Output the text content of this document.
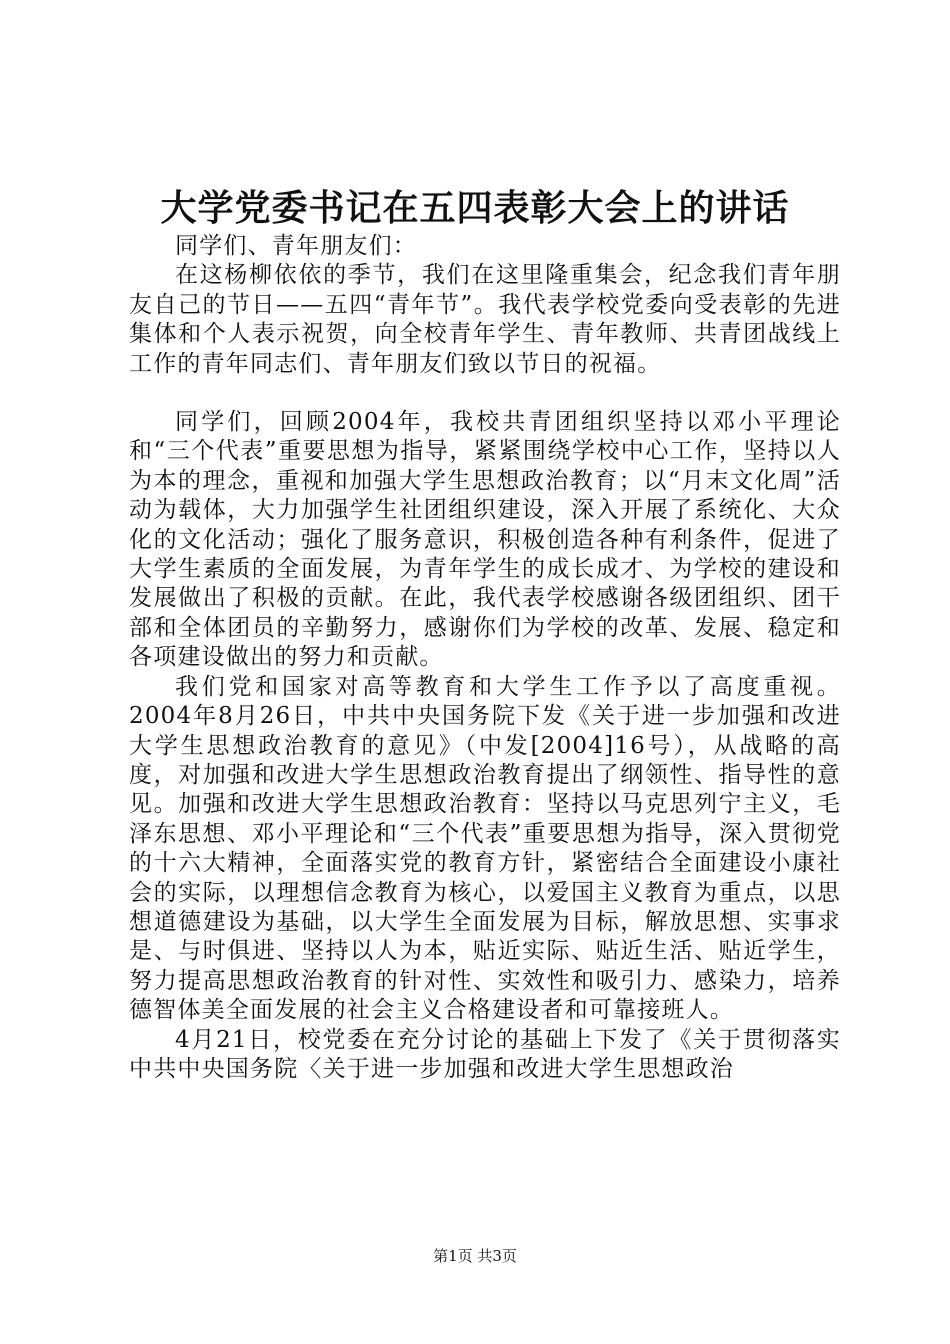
大学党委书记在五四表彰大会上的讲话

同学们、青年朋友们：

在这杨柳依依的季节，我们在这里隆重集会，纪念我们青年朋友自己的节日——五四“青年节”。我代表学校党委向受表彰的先进集体和个人表示祝贺，向全校青年学生、青年教师、共青团战线上工作的青年同志们、青年朋友们致以节日的祝福。

同学们，回顾2004年，我校共青团组织坚持以邓小平理论和“三个代表”重要思想为指导，紧紧围绕学校中心工作，坚持以人为本的理念，重视和加强大学生思想政治教育；以“月末文化周”活动为载体，大力加强学生社团组织建设，深入开展了系统化、大众化的文化活动；强化了服务意识，积极创造各种有利条件，促进了大学生素质的全面发展，为青年学生的成长成才、为学校的建设和发展做出了积极的贡献。在此，我代表学校感谢各级团组织、团干部和全体团员的辛勤努力，感谢你们为学校的改革、发展、稳定和各项建设做出的努力和贡献。

我们党和国家对高等教育和大学生工作予以了高度重视。2004年8月26日，中共中央国务院下发《关于进一步加强和改进大学生思想政治教育的意见》（中发[2004]16号），从战略的高度，对加强和改进大学生思想政治教育提出了纲领性、指导性的意见。加强和改进大学生思想政治教育：坚持以马克思列宁主义，毛泽东思想、邓小平理论和“三个代表”重要思想为指导，深入贯彻党的十六大精神，全面落实党的教育方针，紧密结合全面建设小康社会的实际，以理想信念教育为核心，以爱国主义教育为重点，以思想道德建设为基础，以大学生全面发展为目标，解放思想、实事求是、与时俱进、坚持以人为本，贴近实际、贴近生活、贴近学生，努力提高思想政治教育的针对性、实效性和吸引力、感染力，培养德智体美全面发展的社会主义合格建设者和可靠接班人。

4月21日，校党委在充分讨论的基础上下发了《关于贯彻落实中共中央国务院〈关于进一步加强和改进大学生思想政治

第1页 共3页
